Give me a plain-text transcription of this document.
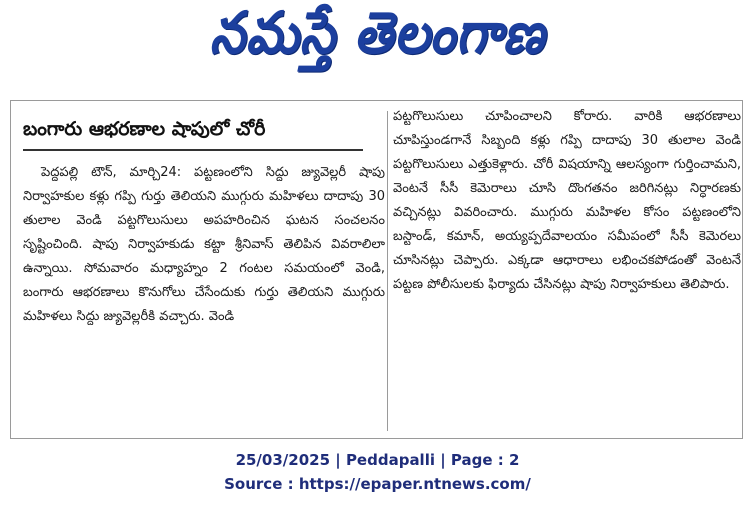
నమస్తే తెలంగాణ
బంగారు ఆభరణాల షాపులో చోరీ

పెద్దపల్లి టౌన్, మార్చి24: పట్టణంలోని సిద్దు జ్యువెల్లరీ షాపు నిర్వాహకుల కళ్లు గప్పి గుర్తు తెలియని ముగ్గురు మహిళలు దాదాపు 30 తులాల వెండి పట్టగొలుసులు అపహరించిన ఘటన సంచలనం సృష్టించింది. షాపు నిర్వాహకుడు కట్టా శ్రీనివాస్ తెలిపిన వివరాలిలా ఉన్నాయి. సోమవారం మధ్యాహ్నం 2 గంటల సమయంలో వెండి, బంగారు ఆభరణాలు కొనుగోలు చేసేందుకు గుర్తు తెలియని ముగ్గురు మహిళలు సిద్దు జ్యువెల్లరీకి వచ్చారు. వెండి

పట్టగొలుసులు చూపించాలని కోరారు. వారికి ఆభరణాలు చూపిస్తుండగానే సిబ్బంది కళ్లు గప్పి దాదాపు 30 తులాల వెండి పట్టగొలుసులు ఎత్తుకెళ్లారు. చోరీ విషయాన్ని ఆలస్యంగా గుర్తించామని, వెంటనే సీసీ కెమెరాలు చూసి దొంగతనం జరిగినట్లు నిర్ధారణకు వచ్చినట్లు వివరించారు. ముగ్గురు మహిళల కోసం పట్టణంలోని బస్టాండ్, కమాన్, అయ్యప్పదేవాలయం సమీపంలో సీసీ కెమెరలు చూసినట్లు చెప్పారు. ఎక్కడా ఆధారాలు లభించకపోడంతో వెంటనే పట్టణ పోలీసులకు ఫిర్యాదు చేసినట్లు షాపు నిర్వాహకులు తెలిపారు.

25/03/2025 | Peddapalli | Page : 2
Source : https://epaper.ntnews.com/
